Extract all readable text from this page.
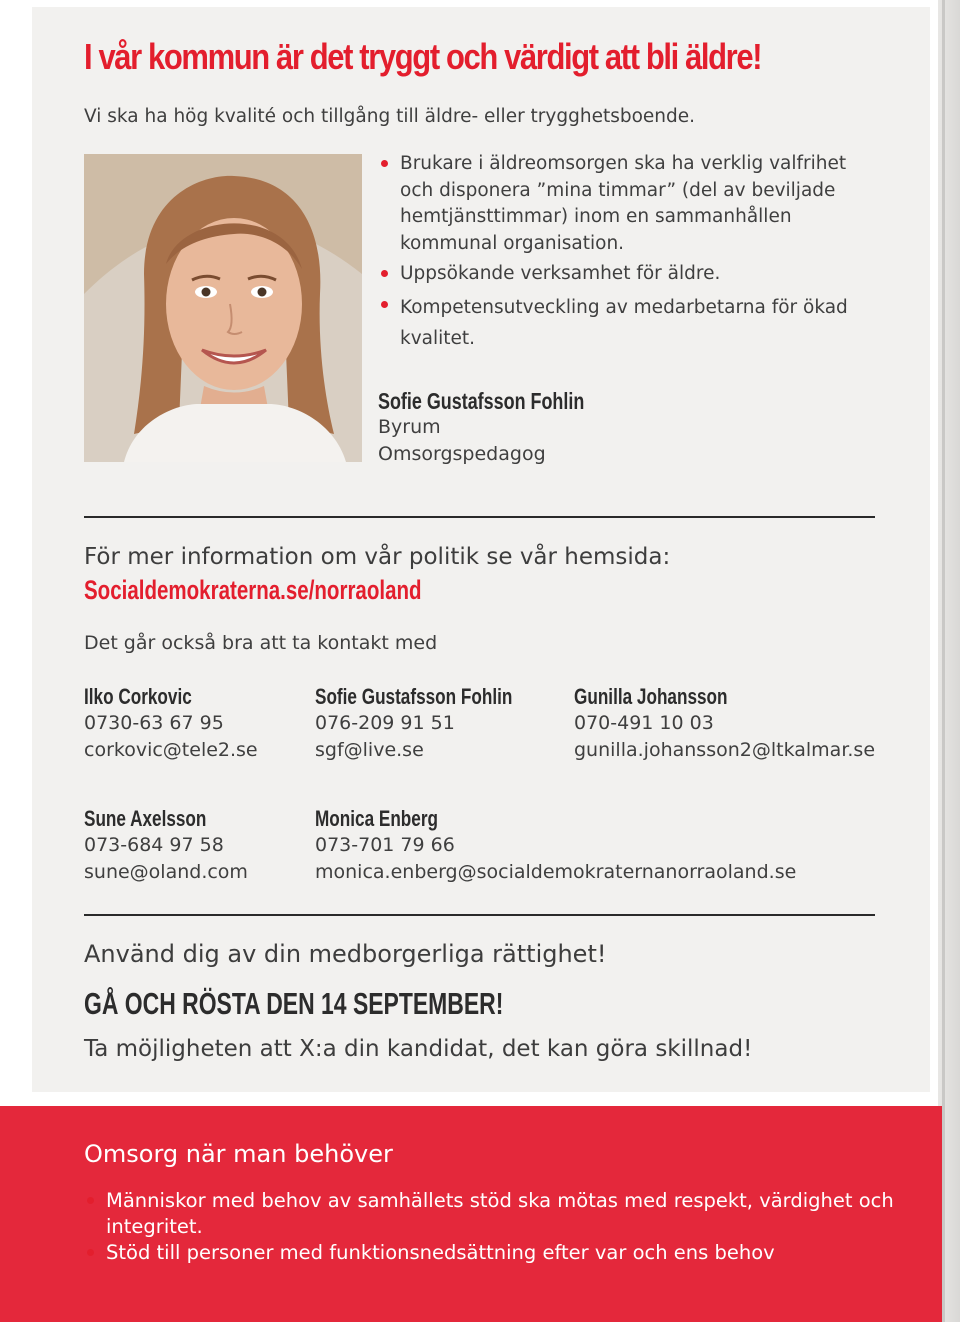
I vår kommun är det tryggt och värdigt att bli äldre!
Vi ska ha hög kvalité och tillgång till äldre- eller trygghetsboende.
Brukare i äldreomsorgen ska ha verklig valfrihet och disponera ”mina timmar” (del av beviljade hemtjänsttimmar) inom en sammanhållen kommunal organisation.
Uppsökande verksamhet för äldre.
Kompetensutveckling av medarbetarna för ökad kvalitet.
Sofie Gustafsson Fohlin
Byrum
Omsorgspedagog
För mer information om vår politik se vår hemsida:
Socialdemokraterna.se/norraoland
Det går också bra att ta kontakt med
Ilko Corkovic
0730-63 67 95
corkovic@tele2.se
Sofie Gustafsson Fohlin
076-209 91 51
sgf@live.se
Gunilla Johansson
070-491 10 03
gunilla.johansson2@ltkalmar.se
Sune Axelsson
073-684 97 58
sune@oland.com
Monica Enberg
073-701 79 66
monica.enberg@socialdemokraternanorraoland.se
Använd dig av din medborgerliga rättighet!
GÅ OCH RÖSTA DEN 14 SEPTEMBER!
Ta möjligheten att X:a din kandidat, det kan göra skillnad!
Omsorg när man behöver
Människor med behov av samhällets stöd ska mötas med respekt, värdighet och integritet.
Stöd till personer med funktionsnedsättning efter var och ens behov
